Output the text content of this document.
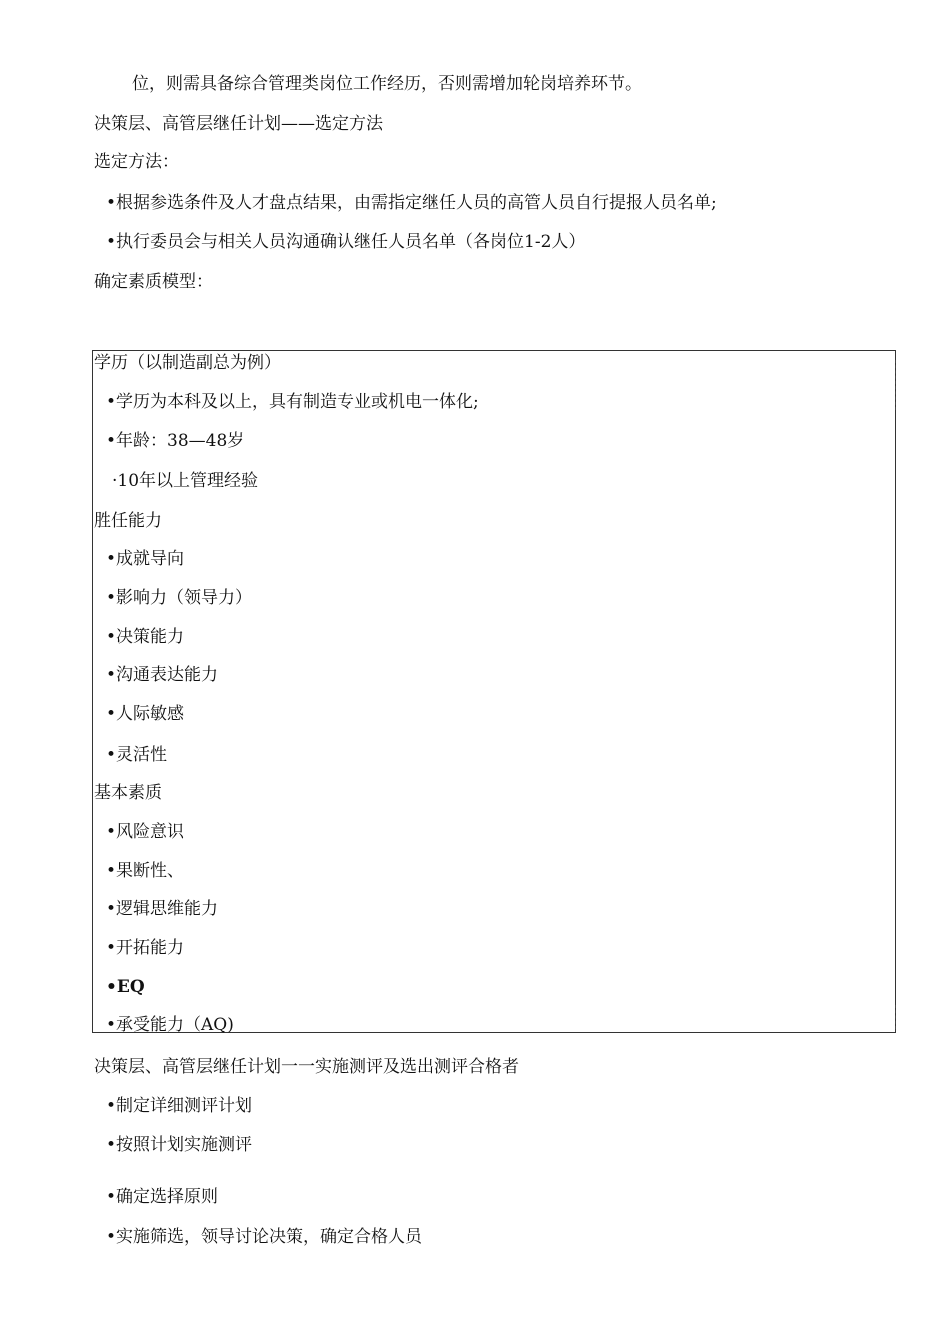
位，则需具备综合管理类岗位工作经历，否则需增加轮岗培养环节。
决策层、高管层继任计划——选定方法
选定方法：
•根据参选条件及人才盘点结果，由需指定继任人员的高管人员自行提报人员名单;
•执行委员会与相关人员沟通确认继任人员名单（各岗位1-2人）
确定素质模型：
学历（以制造副总为例）
•学历为本科及以上，具有制造专业或机电一体化;
•年龄：38—48岁
·10年以上管理经验
胜任能力
•成就导向
•影响力（领导力）
•决策能力
•沟通表达能力
•人际敏感
•灵活性
基本素质
•风险意识
•果断性、
•逻辑思维能力
•开拓能力
•EQ
•承受能力（AQ)
决策层、高管层继任计划一一实施测评及选出测评合格者
•制定详细测评计划
•按照计划实施测评
•确定选择原则
•实施筛选，领导讨论决策，确定合格人员
